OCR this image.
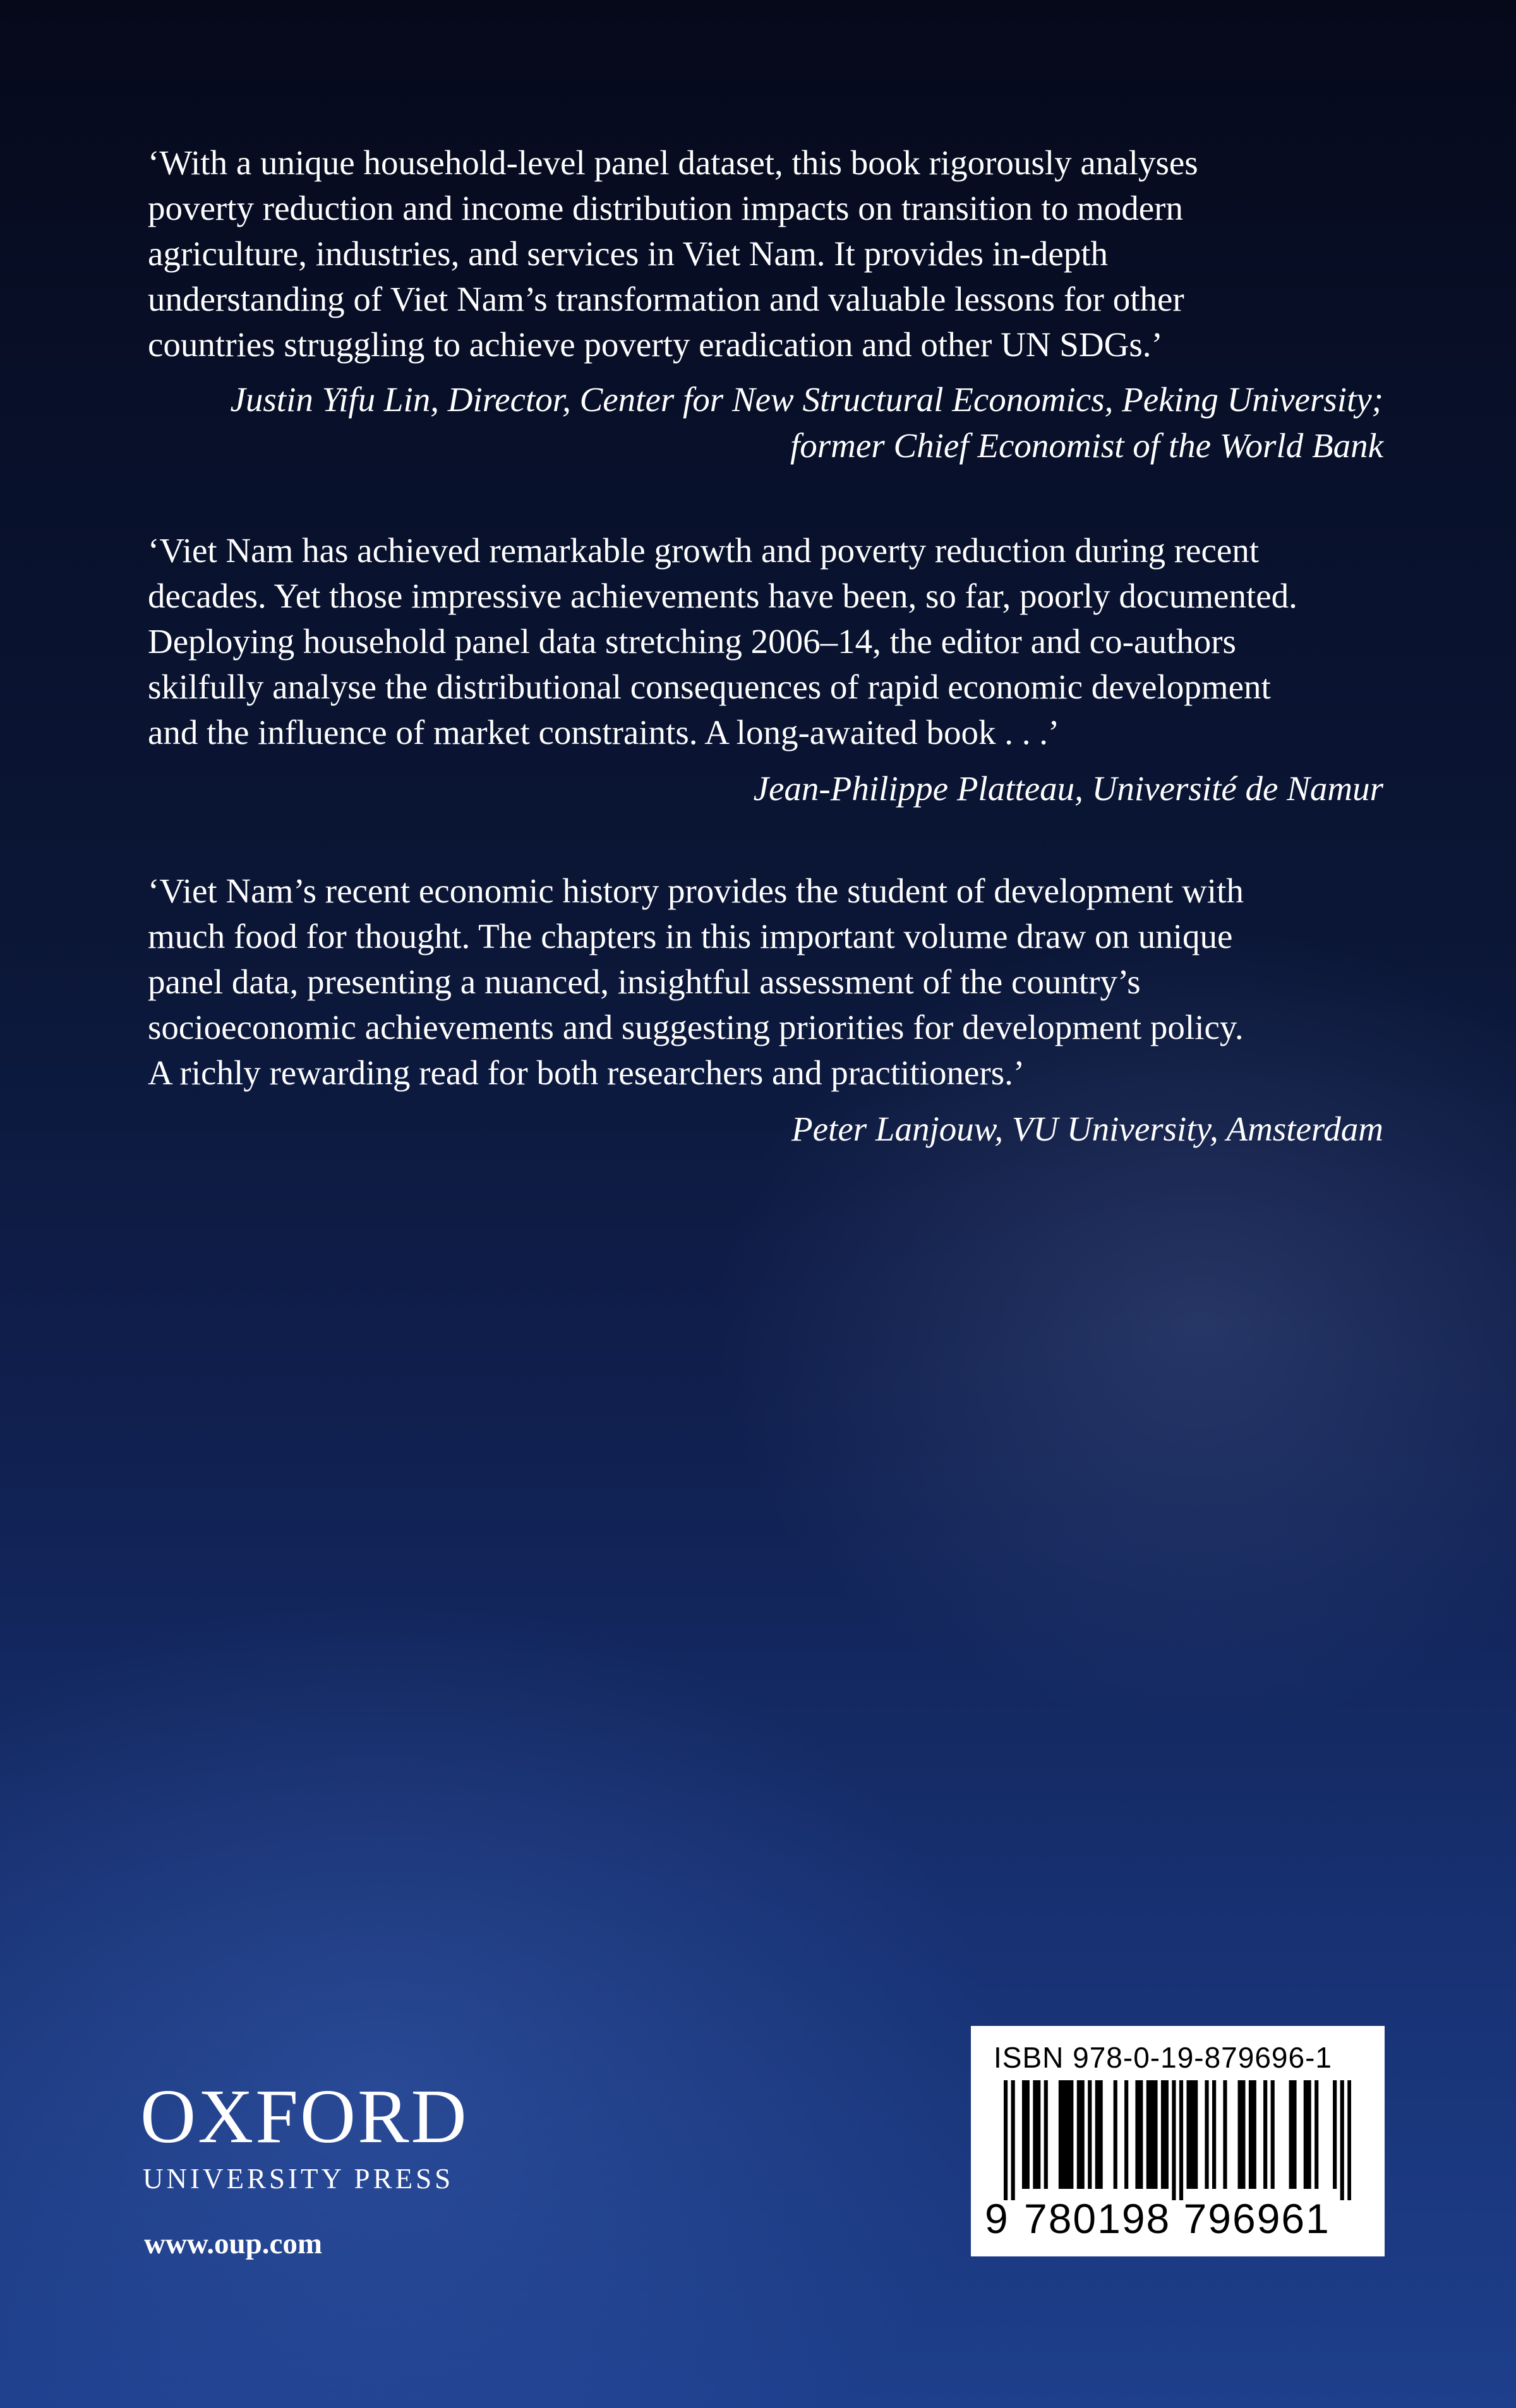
‘With a unique household-level panel dataset, this book rigorously analyses
poverty reduction and income distribution impacts on transition to modern
agriculture, industries, and services in Viet Nam. It provides in-depth
understanding of Viet Nam’s transformation and valuable lessons for other
countries struggling to achieve poverty eradication and other UN SDGs.’

Justin Yifu Lin, Director, Center for New Structural Economics, Peking University;
former Chief Economist of the World Bank

‘Viet Nam has achieved remarkable growth and poverty reduction during recent
decades. Yet those impressive achievements have been, so far, poorly documented.
Deploying household panel data stretching 2006–14, the editor and co-authors
skilfully analyse the distributional consequences of rapid economic development
and the influence of market constraints. A long-awaited book . . .’

Jean-Philippe Platteau, Université de Namur

‘Viet Nam’s recent economic history provides the student of development with
much food for thought. The chapters in this important volume draw on unique
panel data, presenting a nuanced, insightful assessment of the country’s
socioeconomic achievements and suggesting priorities for development policy.
A richly rewarding read for both researchers and practitioners.’

Peter Lanjouw, VU University, Amsterdam

OXFORD
UNIVERSITY PRESS
www.oup.com
ISBN 978-0-19-879696-1
9 780198 796961
